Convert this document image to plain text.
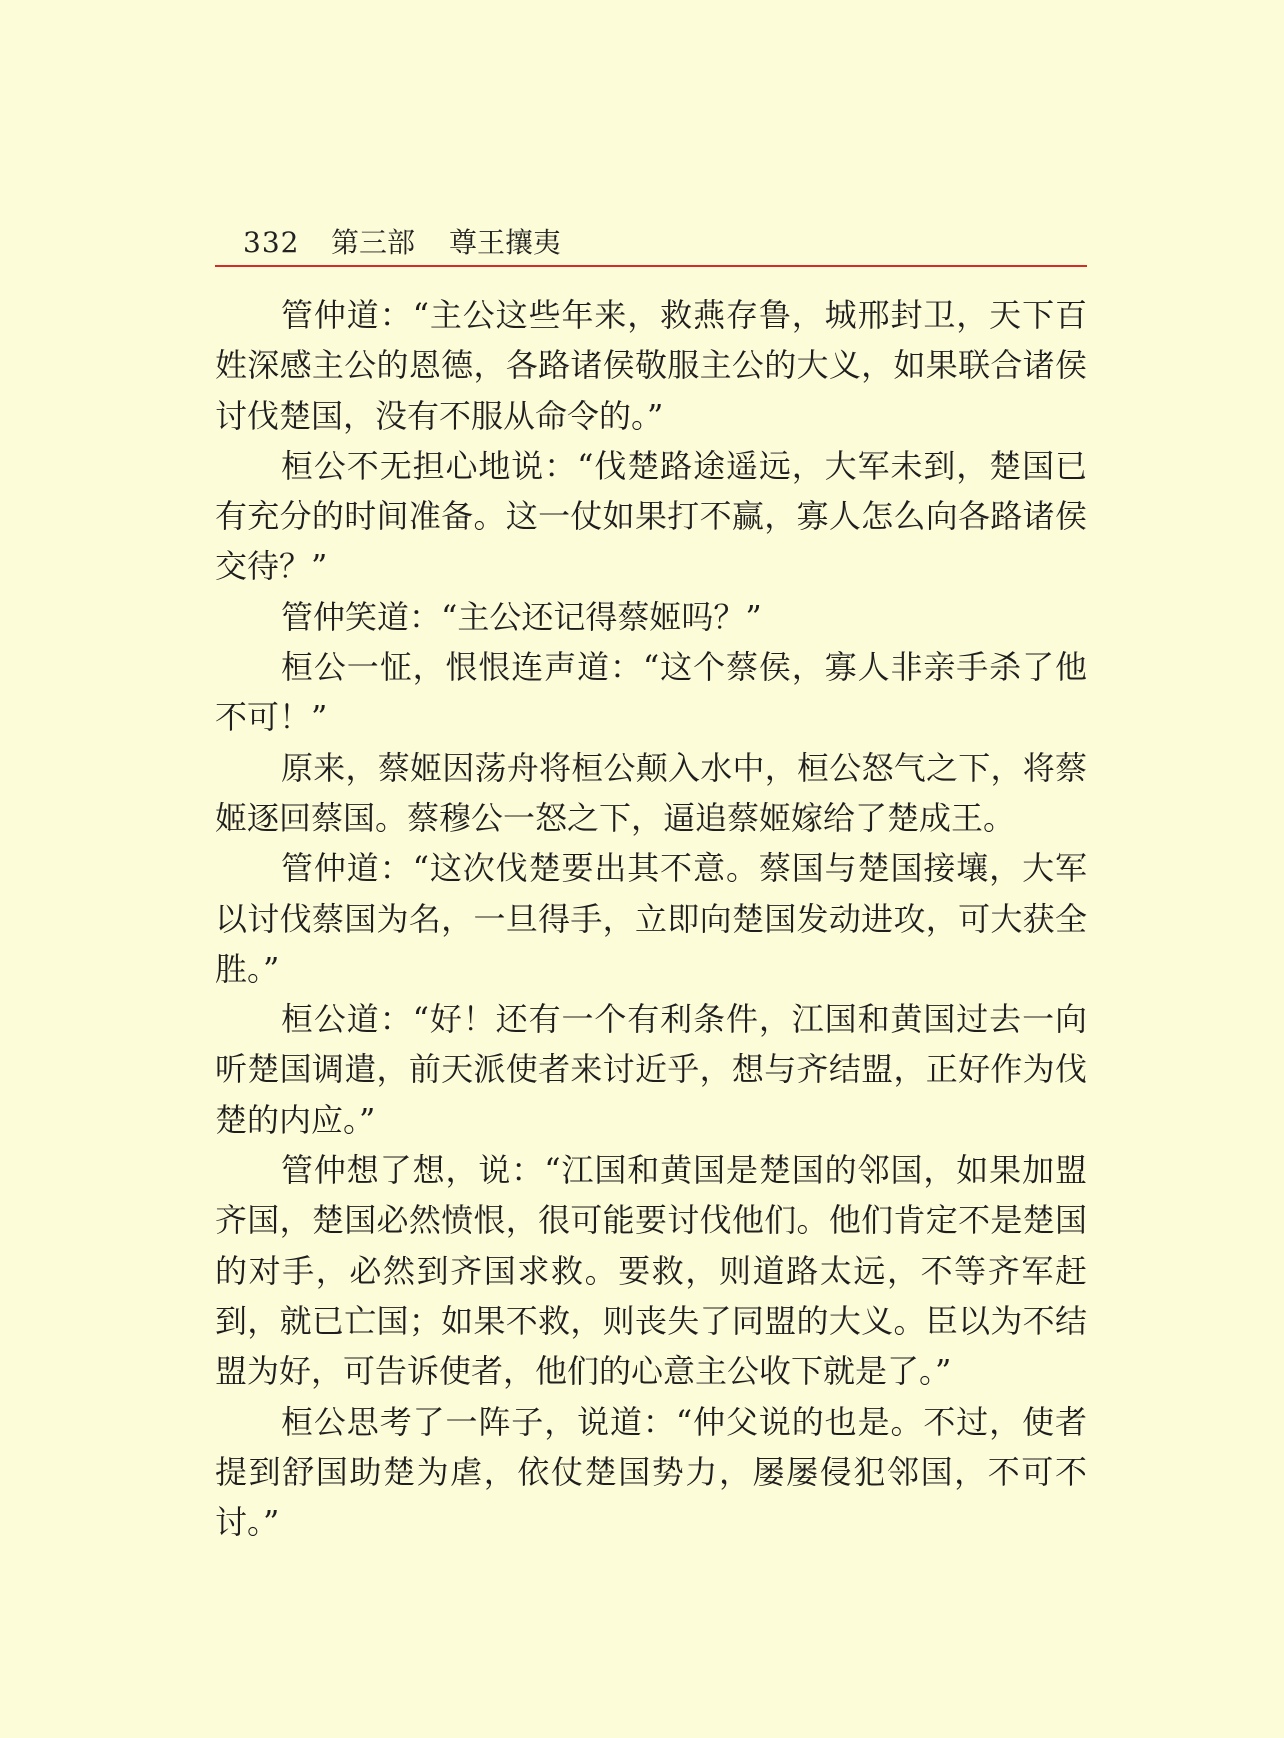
332	第三部	尊王攘夷

管仲道：“主公这些年来，救燕存鲁，城邢封卫，天下百姓深感主公的恩德，各路诸侯敬服主公的大义，如果联合诸侯讨伐楚国，没有不服从命令的。”

桓公不无担心地说：“伐楚路途遥远，大军未到，楚国已有充分的时间准备。这一仗如果打不赢，寡人怎么向各路诸侯交待？”

管仲笑道：“主公还记得蔡姬吗？”

桓公一怔，恨恨连声道：“这个蔡侯，寡人非亲手杀了他不可！”

原来，蔡姬因荡舟将桓公颠入水中，桓公怒气之下，将蔡姬逐回蔡国。蔡穆公一怒之下，逼追蔡姬嫁给了楚成王。

管仲道：“这次伐楚要出其不意。蔡国与楚国接壤，大军以讨伐蔡国为名，一旦得手，立即向楚国发动进攻，可大获全胜。”

桓公道：“好！还有一个有利条件，江国和黄国过去一向听楚国调遣，前天派使者来讨近乎，想与齐结盟，正好作为伐楚的内应。”

管仲想了想，说：“江国和黄国是楚国的邻国，如果加盟齐国，楚国必然愤恨，很可能要讨伐他们。他们肯定不是楚国的对手，必然到齐国求救。要救，则道路太远，不等齐军赶到，就已亡国；如果不救，则丧失了同盟的大义。臣以为不结盟为好，可告诉使者，他们的心意主公收下就是了。”

桓公思考了一阵子，说道：“仲父说的也是。不过，使者提到舒国助楚为虐，依仗楚国势力，屡屡侵犯邻国，不可不讨。”
